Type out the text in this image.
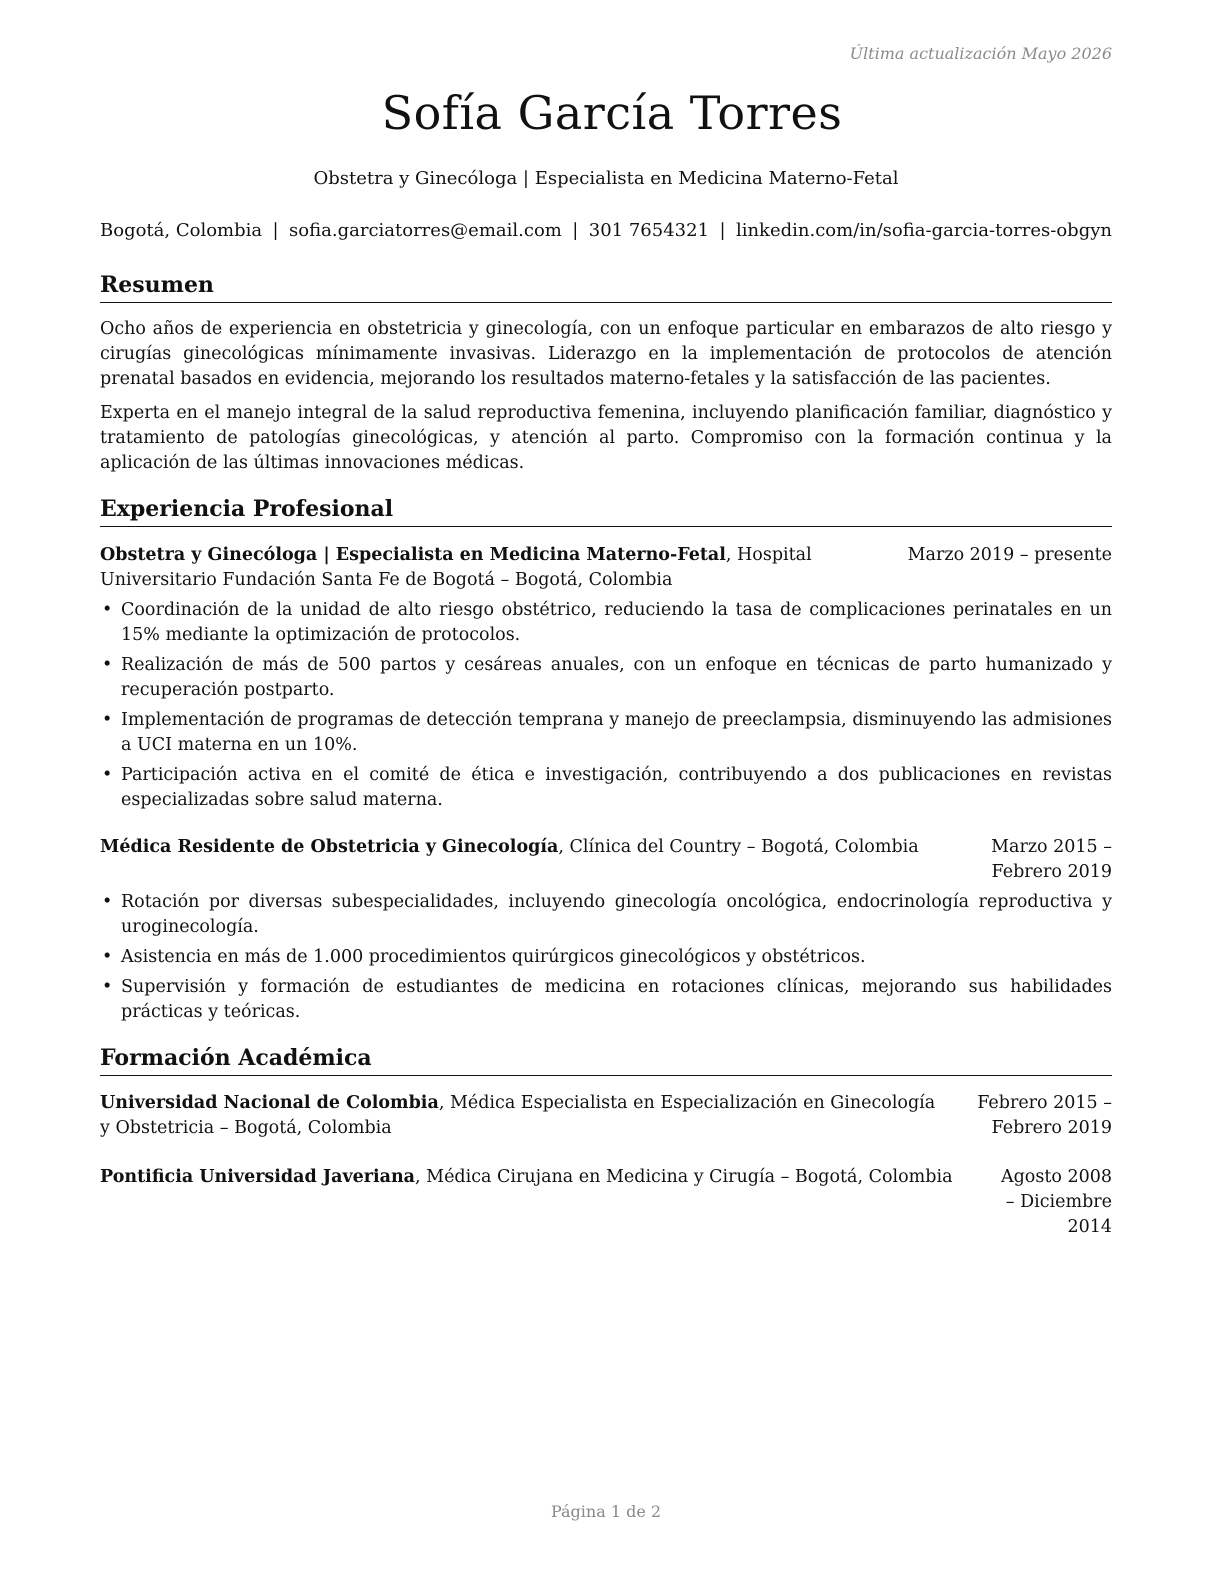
Última actualización Mayo 2026
Sofía García Torres
Obstetra y Ginecóloga | Especialista en Medicina Materno-Fetal
Bogotá, Colombia | sofia.garciatorres@email.com | 301 7654321 | linkedin.com/in/sofia-garcia-torres-obgyn
Resumen

Ocho años de experiencia en obstetricia y ginecología, con un enfoque particular en embarazos de alto riesgo y cirugías ginecológicas mínimamente invasivas. Liderazgo en la implementación de protocolos de atención prenatal basados en evidencia, mejorando los resultados materno-fetales y la satisfacción de las pacientes.

Experta en el manejo integral de la salud reproductiva femenina, incluyendo planificación familiar, diagnóstico y tratamiento de patologías ginecológicas, y atención al parto. Compromiso con la formación continua y la aplicación de las últimas innovaciones médicas.

Experiencia Profesional
Obstetra y Ginecóloga | Especialista en Medicina Materno-Fetal, Hospital Universitario Fundación Santa Fe de Bogotá – Bogotá, Colombia
Marzo 2019 – presente
• Coordinación de la unidad de alto riesgo obstétrico, reduciendo la tasa de complicaciones perinatales en un 15% mediante la optimización de protocolos.
• Realización de más de 500 partos y cesáreas anuales, con un enfoque en técnicas de parto humanizado y recuperación postparto.
• Implementación de programas de detección temprana y manejo de preeclampsia, disminuyendo las admisiones a UCI materna en un 10%.
• Participación activa en el comité de ética e investigación, contribuyendo a dos publicaciones en revistas especializadas sobre salud materna.
Médica Residente de Obstetricia y Ginecología, Clínica del Country – Bogotá, Colombia	Marzo 2015 – Febrero 2019
• Rotación por diversas subespecialidades, incluyendo ginecología oncológica, endocrinología reproductiva y uroginecología.
• Asistencia en más de 1.000 procedimientos quirúrgicos ginecológicos y obstétricos.
• Supervisión y formación de estudiantes de medicina en rotaciones clínicas, mejorando sus habilidades prácticas y teóricas.
Formación Académica
Universidad Nacional de Colombia, Médica Especialista en Especialización en Ginecología y Obstetricia – Bogotá, Colombia
Febrero 2015 – Febrero 2019
Pontificia Universidad Javeriana, Médica Cirujana en Medicina y Cirugía – Bogotá, Colombia	Agosto 2008 – Diciembre 2014
Página 1 de 2
